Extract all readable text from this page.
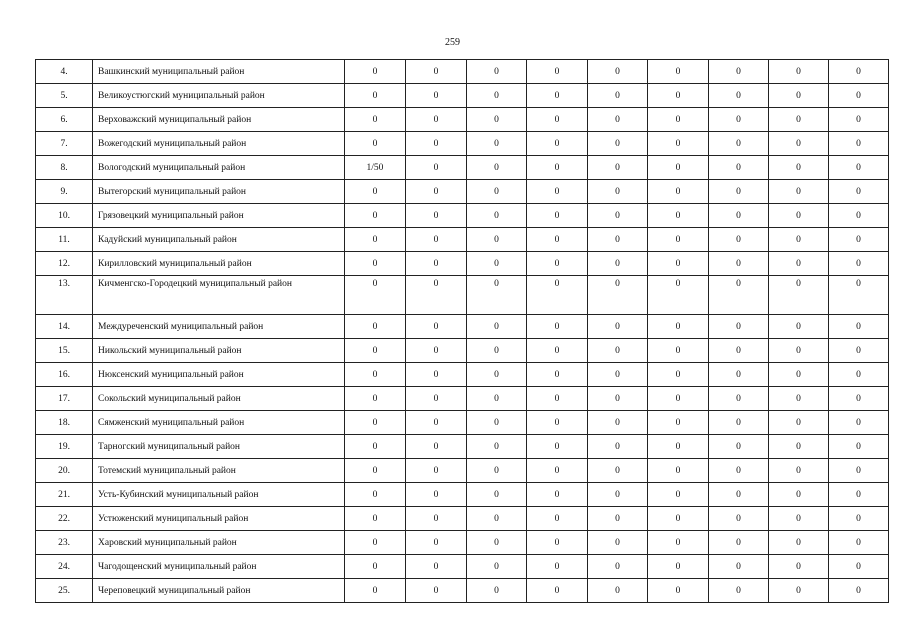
259
4.	Вашкинский муниципальный район	0	0	0	0	0	0	0	0	0
5.	Великоустюгский муниципальный район	0	0	0	0	0	0	0	0	0
6.	Верховажский муниципальный район	0	0	0	0	0	0	0	0	0
7.	Вожегодский муниципальный район	0	0	0	0	0	0	0	0	0
8.	Вологодский муниципальный район	1/50	0	0	0	0	0	0	0	0
9.	Вытегорский муниципальный район	0	0	0	0	0	0	0	0	0
10.	Грязовецкий муниципальный район	0	0	0	0	0	0	0	0	0
11.	Кадуйский муниципальный район	0	0	0	0	0	0	0	0	0
12.	Кирилловский муниципальный район	0	0	0	0	0	0	0	0	0
13.	Кичменгско-Городецкий муниципальный район	0	0	0	0	0	0	0	0	0
14.	Междуреченский муниципальный район	0	0	0	0	0	0	0	0	0
15.	Никольский муниципальный район	0	0	0	0	0	0	0	0	0
16.	Нюксенский муниципальный район	0	0	0	0	0	0	0	0	0
17.	Сокольский муниципальный район	0	0	0	0	0	0	0	0	0
18.	Сямженский муниципальный район	0	0	0	0	0	0	0	0	0
19.	Тарногский муниципальный район	0	0	0	0	0	0	0	0	0
20.	Тотемский муниципальный район	0	0	0	0	0	0	0	0	0
21.	Усть-Кубинский муниципальный район	0	0	0	0	0	0	0	0	0
22.	Устюженский муниципальный район	0	0	0	0	0	0	0	0	0
23.	Харовский муниципальный район	0	0	0	0	0	0	0	0	0
24.	Чагодощенский муниципальный район	0	0	0	0	0	0	0	0	0
25.	Череповецкий муниципальный район	0	0	0	0	0	0	0	0	0
